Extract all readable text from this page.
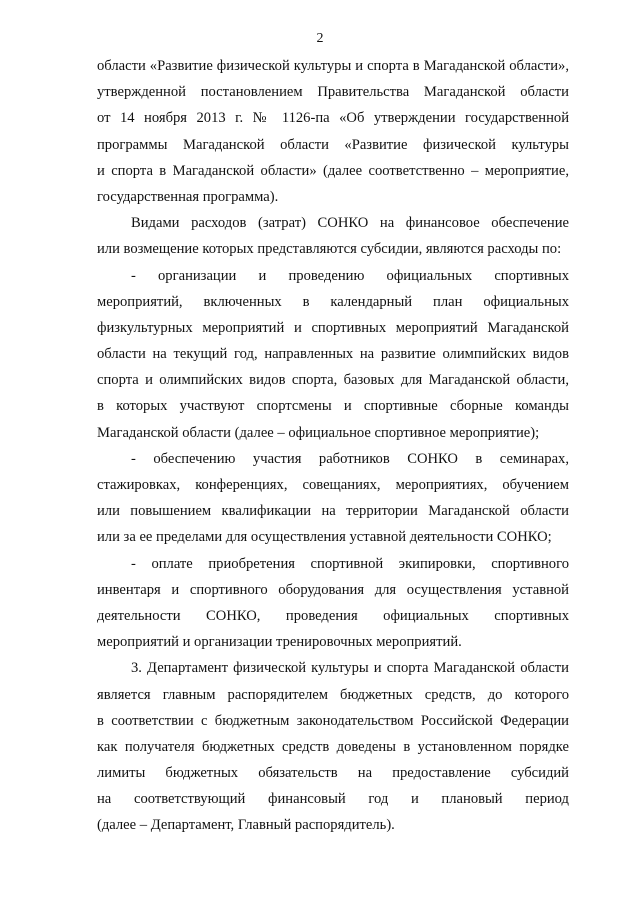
2
области «Развитие физической культуры и спорта в Магаданской области»,
утвержденной постановлением Правительства Магаданской области
от 14 ноября 2013 г. № 1126-па «Об утверждении государственной
программы Магаданской области «Развитие физической культуры
и спорта в Магаданской области» (далее соответственно – мероприятие,
государственная программа).
Видами расходов (затрат) СОНКО на финансовое обеспечение
или возмещение которых представляются субсидии, являются расходы по:
- организации и проведению официальных спортивных
мероприятий, включенных в календарный план официальных
физкультурных мероприятий и спортивных мероприятий Магаданской
области на текущий год, направленных на развитие олимпийских видов
спорта и олимпийских видов спорта, базовых для Магаданской области,
в которых участвуют спортсмены и спортивные сборные команды
Магаданской области (далее – официальное спортивное мероприятие);
- обеспечению участия работников СОНКО в семинарах,
стажировках, конференциях, совещаниях, мероприятиях, обучением
или повышением квалификации на территории Магаданской области
или за ее пределами для осуществления уставной деятельности СОНКО;
- оплате приобретения спортивной экипировки, спортивного
инвентаря и спортивного оборудования для осуществления уставной
деятельности СОНКО, проведения официальных спортивных
мероприятий и организации тренировочных мероприятий.
3. Департамент физической культуры и спорта Магаданской области
является главным распорядителем бюджетных средств, до которого
в соответствии с бюджетным законодательством Российской Федерации
как получателя бюджетных средств доведены в установленном порядке
лимиты бюджетных обязательств на предоставление субсидий
на соответствующий финансовый год и плановый период
(далее – Департамент, Главный распорядитель).
